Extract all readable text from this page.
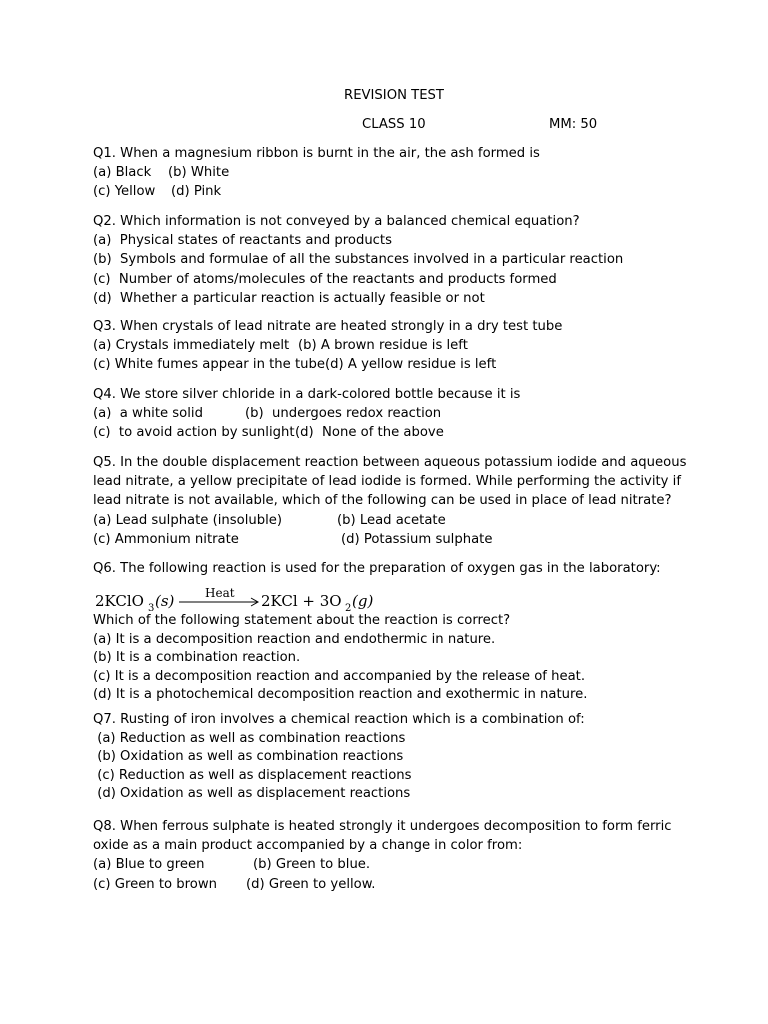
REVISION TEST
CLASS 10	MM: 50
Q1. When a magnesium ribbon is burnt in the air, the ash formed is
(a) Black (b) White
(c) Yellow (d) Pink
Q2. Which information is not conveyed by a balanced chemical equation?
(a)  Physical states of reactants and products
(b)  Symbols and formulae of all the substances involved in a particular reaction
(c)  Number of atoms/molecules of the reactants and products formed
(d)  Whether a particular reaction is actually feasible or not
Q3. When crystals of lead nitrate are heated strongly in a dry test tube
(a) Crystals immediately melt (b) A brown residue is left
(c) White fumes appear in the tube (d) A yellow residue is left
Q4. We store silver chloride in a dark-colored bottle because it is
(a)  a white solid	(b)  undergoes redox reaction
(c)  to avoid action by sunlight (d)  None of the above
Q5. In the double displacement reaction between aqueous potassium iodide and aqueous
lead nitrate, a yellow precipitate of lead iodide is formed. While performing the activity if
lead nitrate is not available, which of the following can be used in place of lead nitrate?
(a) Lead sulphate (insoluble)	(b) Lead acetate
(c) Ammonium nitrate	(d) Potassium sulphate
Q6. The following reaction is used for the preparation of oxygen gas in the laboratory:
2KClO 3 (s)	Heat 2KCl + 3O 2 (g)
Which of the following statement about the reaction is correct?
(a) It is a decomposition reaction and endothermic in nature.
(b) It is a combination reaction.
(c) It is a decomposition reaction and accompanied by the release of heat.
(d) It is a photochemical decomposition reaction and exothermic in nature.
Q7. Rusting of iron involves a chemical reaction which is a combination of:
(a) Reduction as well as combination reactions
(b) Oxidation as well as combination reactions
(c) Reduction as well as displacement reactions
(d) Oxidation as well as displacement reactions
Q8. When ferrous sulphate is heated strongly it undergoes decomposition to form ferric
oxide as a main product accompanied by a change in color from:
(a) Blue to green	(b) Green to blue.
(c) Green to brown (d) Green to yellow.
